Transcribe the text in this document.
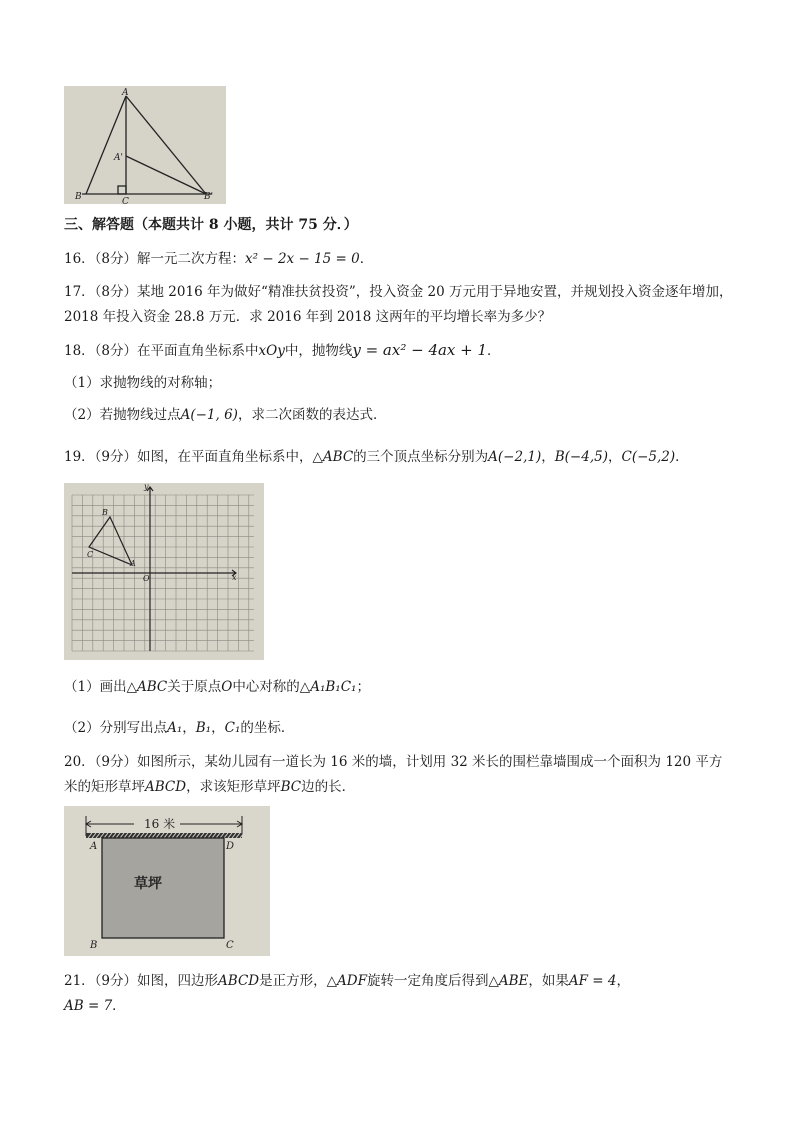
A
A'
B	C	B'
三、解答题（本题共计 8 小题，共计 75 分．）
16．（8分）解一元二次方程：x² − 2x − 15 = 0．
17．（8分）某地 2016 年为做好“精准扶贫投资”，投入资金 20 万元用于异地安置，并规划投入资金逐年增加，
2018 年投入资金 28.8 万元．求 2016 年到 2018 这两年的平均增长率为多少？
18．（8分）在平面直角坐标系中xOy中，抛物线y = ax² − 4ax + 1．
（1）求抛物线的对称轴；
（2）若抛物线过点A(−1, 6)，求二次函数的表达式．
19．（9分）如图，在平面直角坐标系中，△ABC的三个顶点坐标分别为A(−2,1)，B(−4,5)，C(−5,2)．
y
x
O
A
B
C
（1）画出△ABC关于原点O中心对称的△A₁B₁C₁；
（2）分别写出点A₁，B₁，C₁的坐标．
20．（9分）如图所示，某幼儿园有一道长为 16 米的墙，计划用 32 米长的围栏靠墙围成一个面积为 120 平方
米的矩形草坪ABCD，求该矩形草坪BC边的长．
16 米
草坪
A	D
B	C
21．（9分）如图，四边形ABCD是正方形，△ADF旋转一定角度后得到△ABE，如果AF = 4，
AB = 7．
